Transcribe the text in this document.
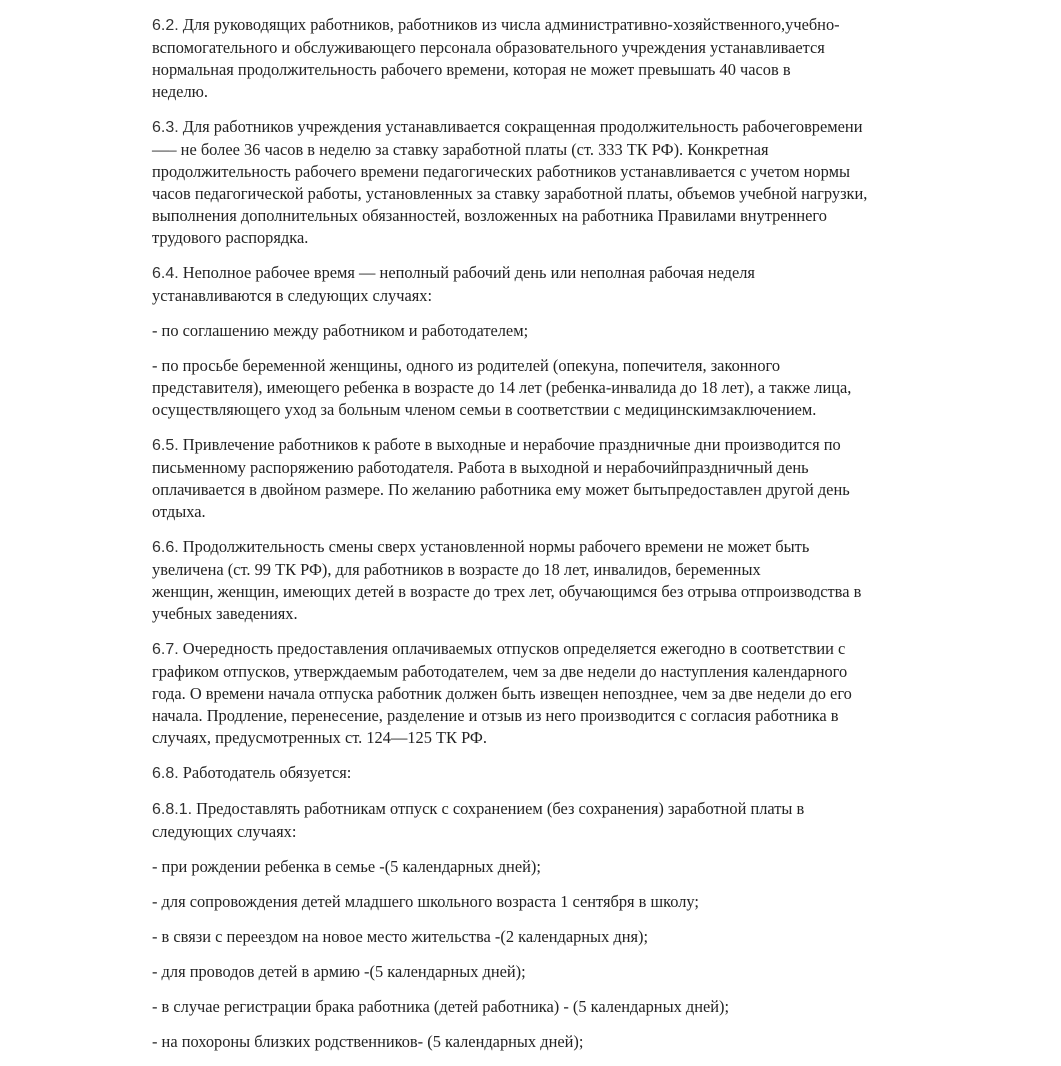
6.2. Для руководящих работников, работников из числа административно-хозяйственного,учебно-
вспомогательного и обслуживающего персонала образовательного учреждения устанавливается
нормальная продолжительность рабочего времени, которая не может превышать 40 часов в
неделю.

6.3. Для работников учреждения устанавливается сокращенная продолжительность рабочеговремени
—– не более 36 часов в неделю за ставку заработной платы (ст. 333 ТК РФ). Конкретная
продолжительность рабочего времени педагогических работников устанавливается с учетом нормы
часов педагогической работы, установленных за ставку заработной платы, объемов учебной нагрузки,
выполнения дополнительных обязанностей, возложенных на работника Правилами внутреннего
трудового распорядка.

6.4. Неполное рабочее время — неполный рабочий день или неполная рабочая неделя
устанавливаются в следующих случаях:

- по соглашению между работником и работодателем;

- по просьбе беременной женщины, одного из родителей (опекуна, попечителя, законного
представителя), имеющего ребенка в возрасте до 14 лет (ребенка-инвалида до 18 лет), а также лица,
осуществляющего уход за больным членом семьи в соответствии с медицинскимзаключением.

6.5. Привлечение работников к работе в выходные и нерабочие праздничные дни производится по
письменному распоряжению работодателя. Работа в выходной и нерабочийпраздничный день
оплачивается в двойном размере. По желанию работника ему может бытьпредоставлен другой день
отдыха.

6.6. Продолжительность смены сверх установленной нормы рабочего времени не может быть
увеличена (ст. 99 ТК РФ), для работников в возрасте до 18 лет, инвалидов, беременных
женщин, женщин, имеющих детей в возрасте до трех лет, обучающимся без отрыва отпроизводства в
учебных заведениях.

6.7. Очередность предоставления оплачиваемых отпусков определяется ежегодно в соответствии с
графиком отпусков, утверждаемым работодателем, чем за две недели до наступления календарного
года. О времени начала отпуска работник должен быть извещен непозднее, чем за две недели до его
начала. Продление, перенесение, разделение и отзыв из него производится с согласия работника в
случаях, предусмотренных ст. 124—125 ТК РФ.

6.8. Работодатель обязуется:

6.8.1. Предоставлять работникам отпуск с сохранением (без сохранения) заработной платы в
следующих случаях:

- при рождении ребенка в семье -(5 календарных дней);

- для сопровождения детей младшего школьного возраста 1 сентября в школу;

- в связи с переездом на новое место жительства -(2 календарных дня);

- для проводов детей в армию -(5 календарных дней);

- в случае регистрации брака работника (детей работника) - (5 календарных дней);

- на похороны близких родственников- (5 календарных дней);
